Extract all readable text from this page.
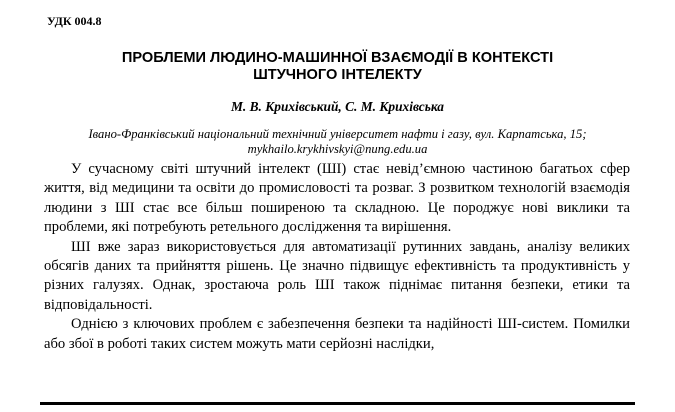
УДК 004.8
ПРОБЛЕМИ ЛЮДИНО-МАШИННОЇ ВЗАЄМОДІЇ В КОНТЕКСТІ
ШТУЧНОГО ІНТЕЛЕКТУ
М. В. Крихівський, С. М. Крихівська
Івано-Франківський національний технічний університет нафти і газу, вул. Карпатська, 15;
mykhailo.krykhivskyi@nung.edu.ua

У сучасному світі штучний інтелект (ШІ) стає невід’ємною частиною багатьох сфер життя, від медицини та освіти до промисловості та розваг. З розвитком технологій взаємодія людини з ШІ стає все більш поширеною та складною. Це породжує нові виклики та проблеми, які потребують ретельного дослідження та вирішення.

ШІ вже зараз використовується для автоматизації рутинних завдань, аналізу великих обсягів даних та прийняття рішень. Це значно підвищує ефективність та продуктивність у різних галузях. Однак, зростаюча роль ШІ також піднімає питання безпеки, етики та відповідальності.

Однією з ключових проблем є забезпечення безпеки та надійності ШІ-систем. Помилки або збої в роботі таких систем можуть мати серйозні наслідки,
